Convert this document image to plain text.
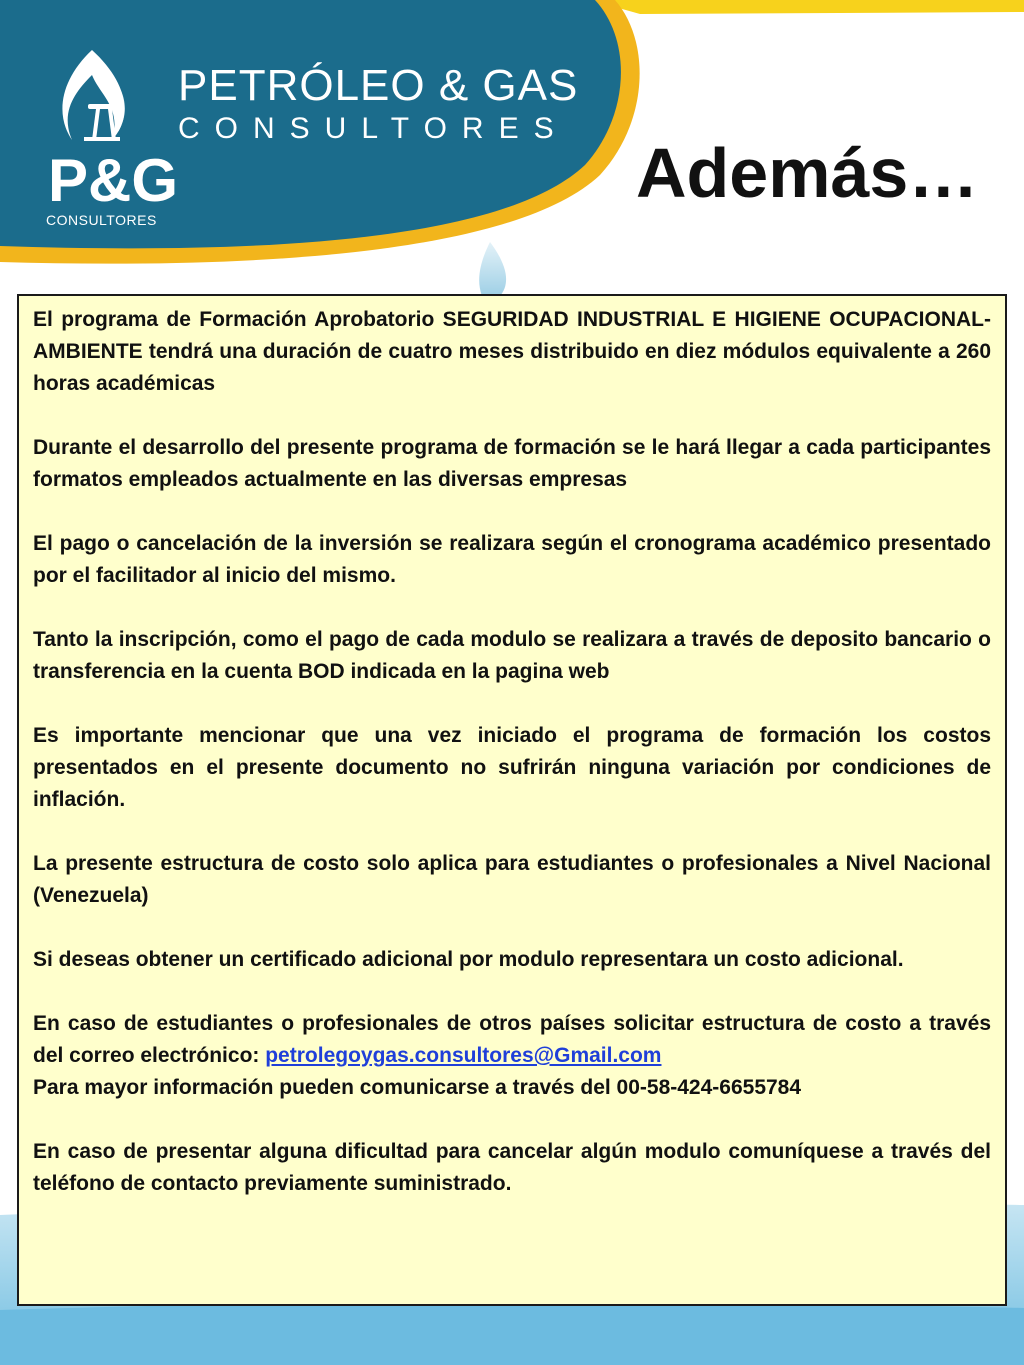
PETRÓLEO & GAS
CONSULTORES
P&G
CONSULTORES
Además…

El programa de Formación Aprobatorio SEGURIDAD INDUSTRIAL E HIGIENE OCUPACIONAL-AMBIENTE tendrá una duración de cuatro meses distribuido en diez módulos equivalente a 260 horas académicas

Durante el desarrollo del presente programa de formación se le hará llegar a cada participantes formatos empleados actualmente en las diversas empresas

El pago o cancelación de la inversión se realizara según el cronograma académico presentado por el facilitador al inicio del mismo.

Tanto la inscripción, como el pago de cada modulo se realizara a través de deposito bancario o transferencia en la cuenta BOD indicada en la pagina web

Es importante mencionar que una vez iniciado el programa de formación los costos presentados en el presente documento no sufrirán ninguna variación por condiciones de inflación.

La presente estructura de costo solo aplica para estudiantes o profesionales a Nivel Nacional (Venezuela)

Si deseas obtener un certificado adicional por modulo representara un costo adicional.

En caso de estudiantes o profesionales de otros países solicitar estructura de costo a través del correo electrónico: petrolegoygas.consultores@Gmail.com

Para mayor información pueden comunicarse a través del 00-58-424-6655784

En caso de presentar alguna dificultad para cancelar algún modulo comuníquese a través del teléfono de contacto previamente suministrado.
